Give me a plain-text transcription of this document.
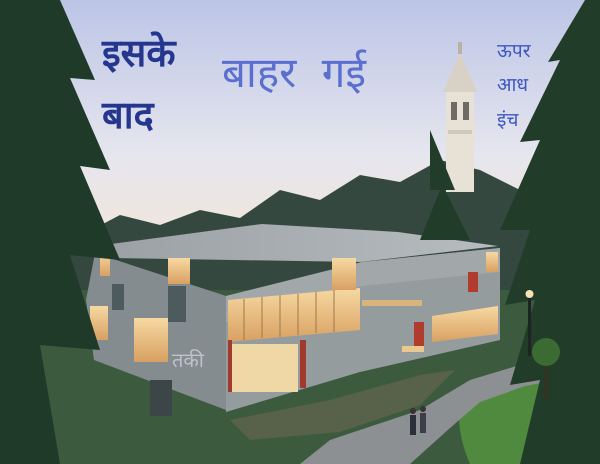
इसके

बाद

बाहर गई	ऊपर

आध

इंच

तकी
